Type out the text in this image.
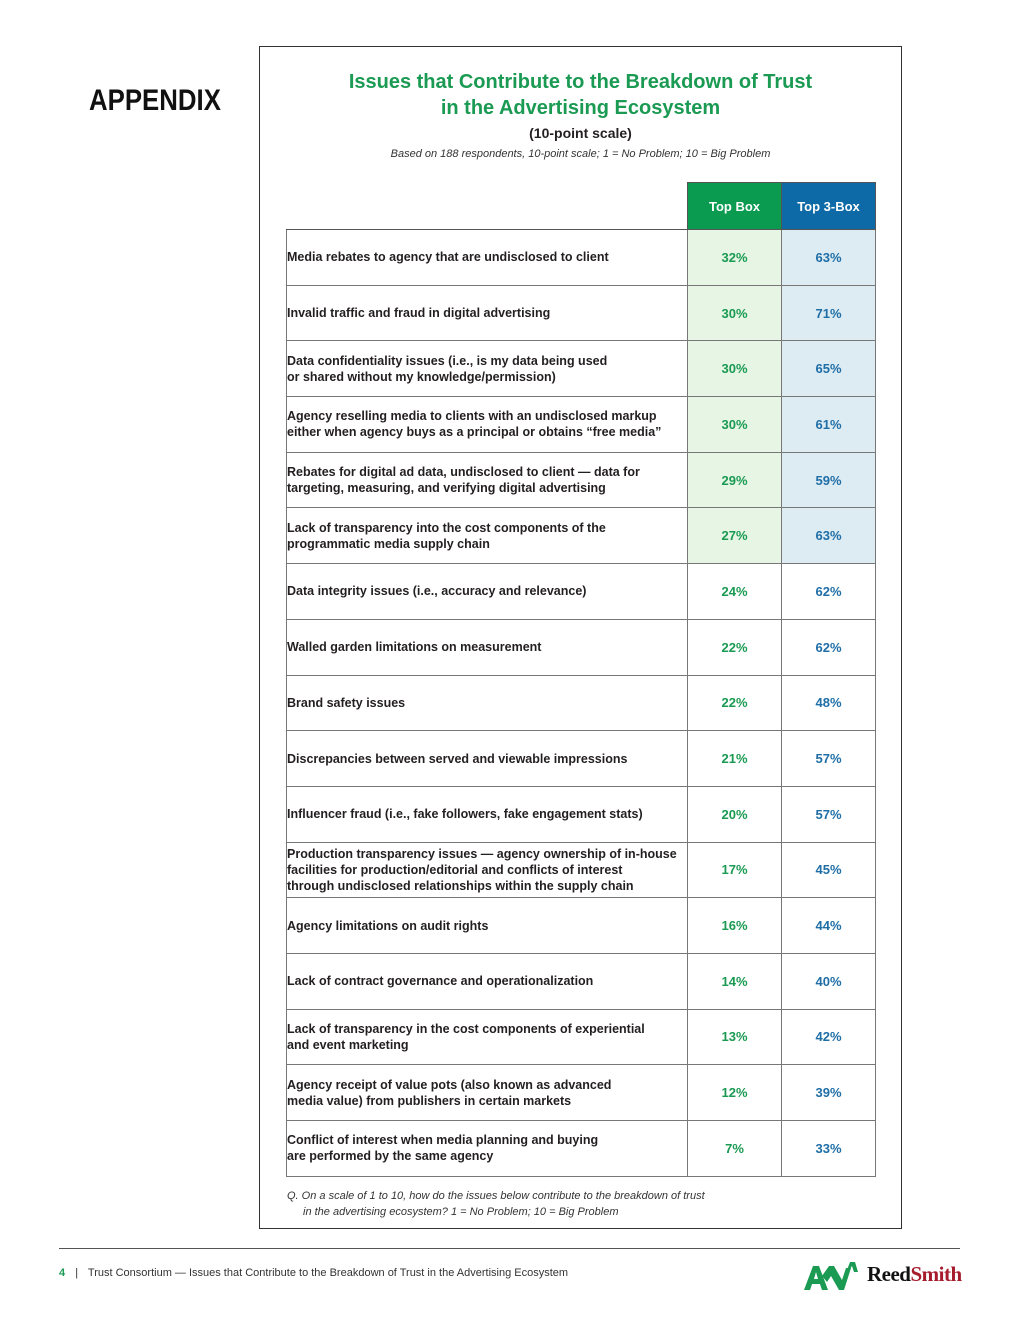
APPENDIX
Issues that Contribute to the Breakdown of Trust
in the Advertising Ecosystem
(10-point scale)
Based on 188 respondents, 10-point scale; 1 = No Problem; 10 = Big Problem
	Top Box	Top 3-Box
Media rebates to agency that are undisclosed to client	32%	63%
Invalid traffic and fraud in digital advertising	30%	71%
Data confidentiality issues (i.e., is my data being used
or shared without my knowledge/permission)	30%	65%
Agency reselling media to clients with an undisclosed markup
either when agency buys as a principal or obtains “free media”	30%	61%
Rebates for digital ad data, undisclosed to client — data for
targeting, measuring, and verifying digital advertising	29%	59%
Lack of transparency into the cost components of the
programmatic media supply chain	27%	63%
Data integrity issues (i.e., accuracy and relevance)	24%	62%
Walled garden limitations on measurement	22%	62%
Brand safety issues	22%	48%
Discrepancies between served and viewable impressions	21%	57%
Influencer fraud (i.e., fake followers, fake engagement stats)	20%	57%
Production transparency issues — agency ownership of in-house
facilities for production/editorial and conflicts of interest
through undisclosed relationships within the supply chain	17%	45%
Agency limitations on audit rights	16%	44%
Lack of contract governance and operationalization	14%	40%
Lack of transparency in the cost components of experiential
and event marketing	13%	42%
Agency receipt of value pots (also known as advanced
media value) from publishers in certain markets	12%	39%
Conflict of interest when media planning and buying
are performed by the same agency	7%	33%
Q. On a scale of 1 to 10, how do the issues below contribute to the breakdown of trust
in the advertising ecosystem? 1 = No Problem; 10 = Big Problem
4 | Trust Consortium — Issues that Contribute to the Breakdown of Trust in the Advertising Ecosystem	ReedSmith
